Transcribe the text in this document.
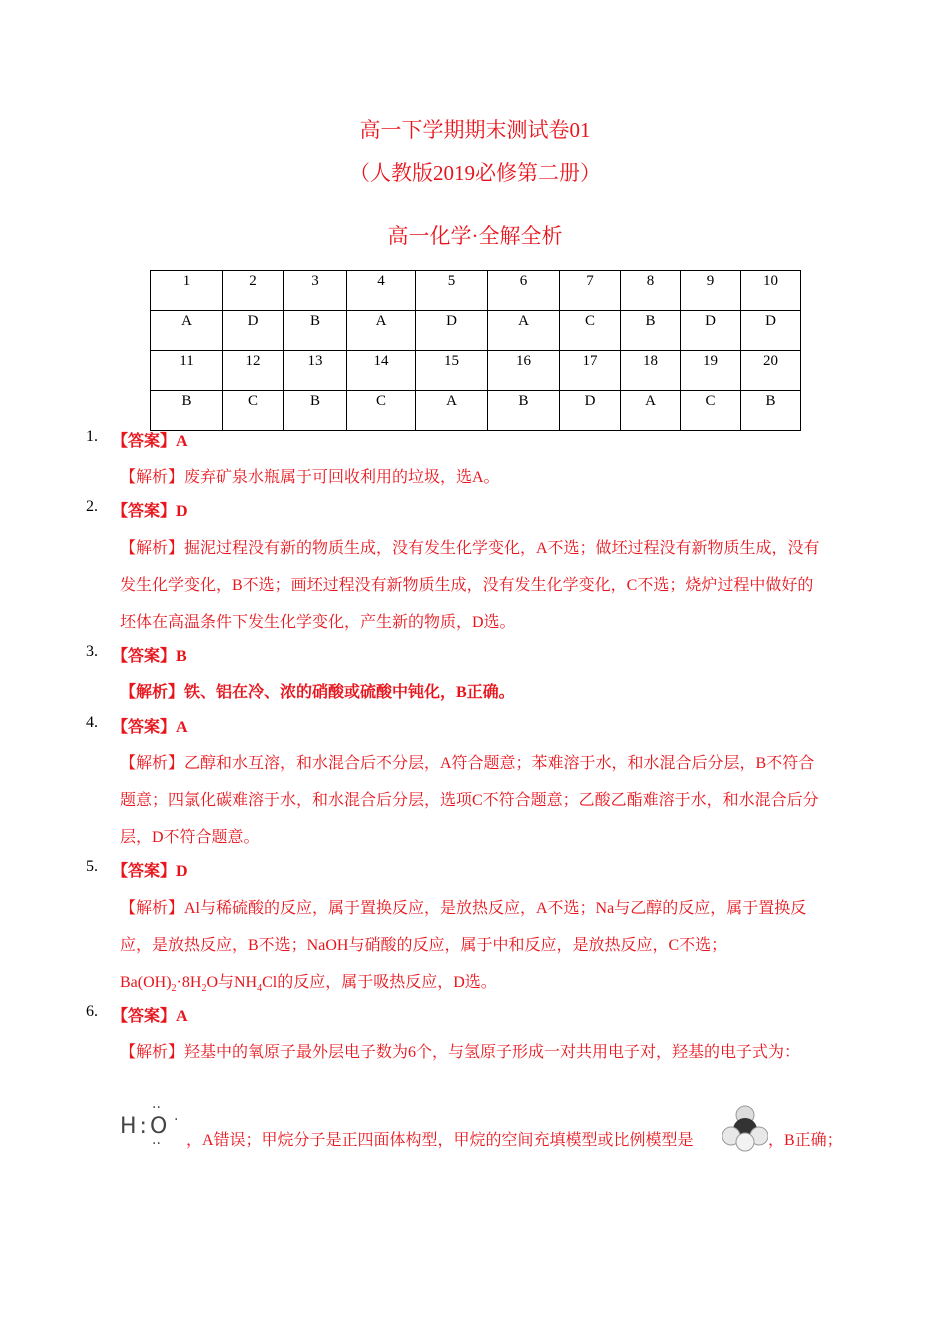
高一下学期期末测试卷01
（人教版2019必修第二册）
高一化学·全解全析
1	2	3	4	5	6	7	8	9	10
A	D	B	A	D	A	C	B	D	D
11	12	13	14	15	16	17	18	19	20
B	C	B	C	A	B	D	A	C	B
1. 【答案】A
【解析】废弃矿泉水瓶属于可回收利用的垃圾，选A。
2. 【答案】D
【解析】掘泥过程没有新的物质生成，没有发生化学变化，A不选；做坯过程没有新物质生成，没有
发生化学变化，B不选；画坯过程没有新物质生成，没有发生化学变化，C不选；烧炉过程中做好的
坯体在高温条件下发生化学变化，产生新的物质，D选。
3. 【答案】B
【解析】铁、铝在冷、浓的硝酸或硫酸中钝化，B正确。
4. 【答案】A
【解析】乙醇和水互溶，和水混合后不分层，A符合题意；苯难溶于水，和水混合后分层，B不符合
题意；四氯化碳难溶于水，和水混合后分层，选项C不符合题意；乙酸乙酯难溶于水，和水混合后分
层，D不符合题意。
5. 【答案】D
【解析】Al与稀硫酸的反应，属于置换反应，是放热反应，A不选；Na与乙醇的反应，属于置换反
应，是放热反应，B不选；NaOH与硝酸的反应，属于中和反应，是放热反应，C不选；
$Ba(OH)_2\cdot 8H_2O$与$NH_4Cl$的反应，属于吸热反应，D选。
6. 【答案】A
【解析】羟基中的氧原子最外层电子数为6个，与氢原子形成一对共用电子对，羟基的电子式为：
H:O
··
··
·
，A错误；甲烷分子是正四面体构型，甲烷的空间充填模型或比例模型是	，B正确；
